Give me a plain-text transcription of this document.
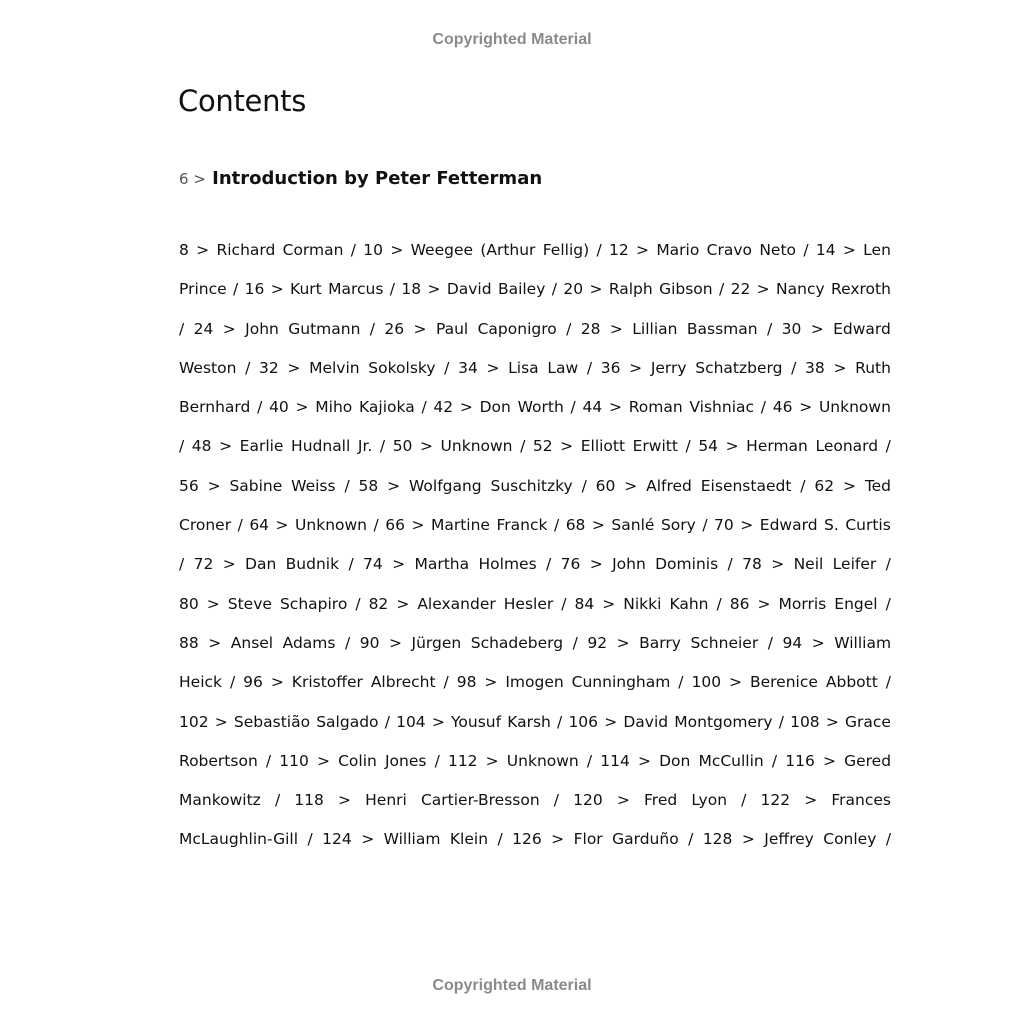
Copyrighted Material
Contents
6 > Introduction by Peter Fetterman
8 > Richard Corman / 10 > Weegee (Arthur Fellig) / 12 > Mario Cravo Neto / 14 > Len
Prince / 16 > Kurt Marcus / 18 > David Bailey / 20 > Ralph Gibson / 22 > Nancy Rexroth
/ 24 > John Gutmann / 26 > Paul Caponigro / 28 > Lillian Bassman / 30 > Edward
Weston / 32 > Melvin Sokolsky / 34 > Lisa Law / 36 > Jerry Schatzberg / 38 > Ruth
Bernhard / 40 > Miho Kajioka / 42 > Don Worth / 44 > Roman Vishniac / 46 > Unknown
/ 48 > Earlie Hudnall Jr. / 50 > Unknown / 52 > Elliott Erwitt / 54 > Herman Leonard /
56 > Sabine Weiss / 58 > Wolfgang Suschitzky / 60 > Alfred Eisenstaedt / 62 > Ted
Croner / 64 > Unknown / 66 > Martine Franck / 68 > Sanlé Sory / 70 > Edward S. Curtis
/ 72 > Dan Budnik / 74 > Martha Holmes / 76 > John Dominis / 78 > Neil Leifer /
80 > Steve Schapiro / 82 > Alexander Hesler / 84 > Nikki Kahn / 86 > Morris Engel /
88 > Ansel Adams / 90 > Jürgen Schadeberg / 92 > Barry Schneier / 94 > William
Heick / 96 > Kristoffer Albrecht / 98 > Imogen Cunningham / 100 > Berenice Abbott /
102 > Sebastião Salgado / 104 > Yousuf Karsh / 106 > David Montgomery / 108 > Grace
Robertson / 110 > Colin Jones / 112 > Unknown / 114 > Don McCullin / 116 > Gered
Mankowitz / 118 > Henri Cartier-Bresson / 120 > Fred Lyon / 122 > Frances
McLaughlin-Gill / 124 > William Klein / 126 > Flor Garduño / 128 > Jeffrey Conley /
Copyrighted Material
